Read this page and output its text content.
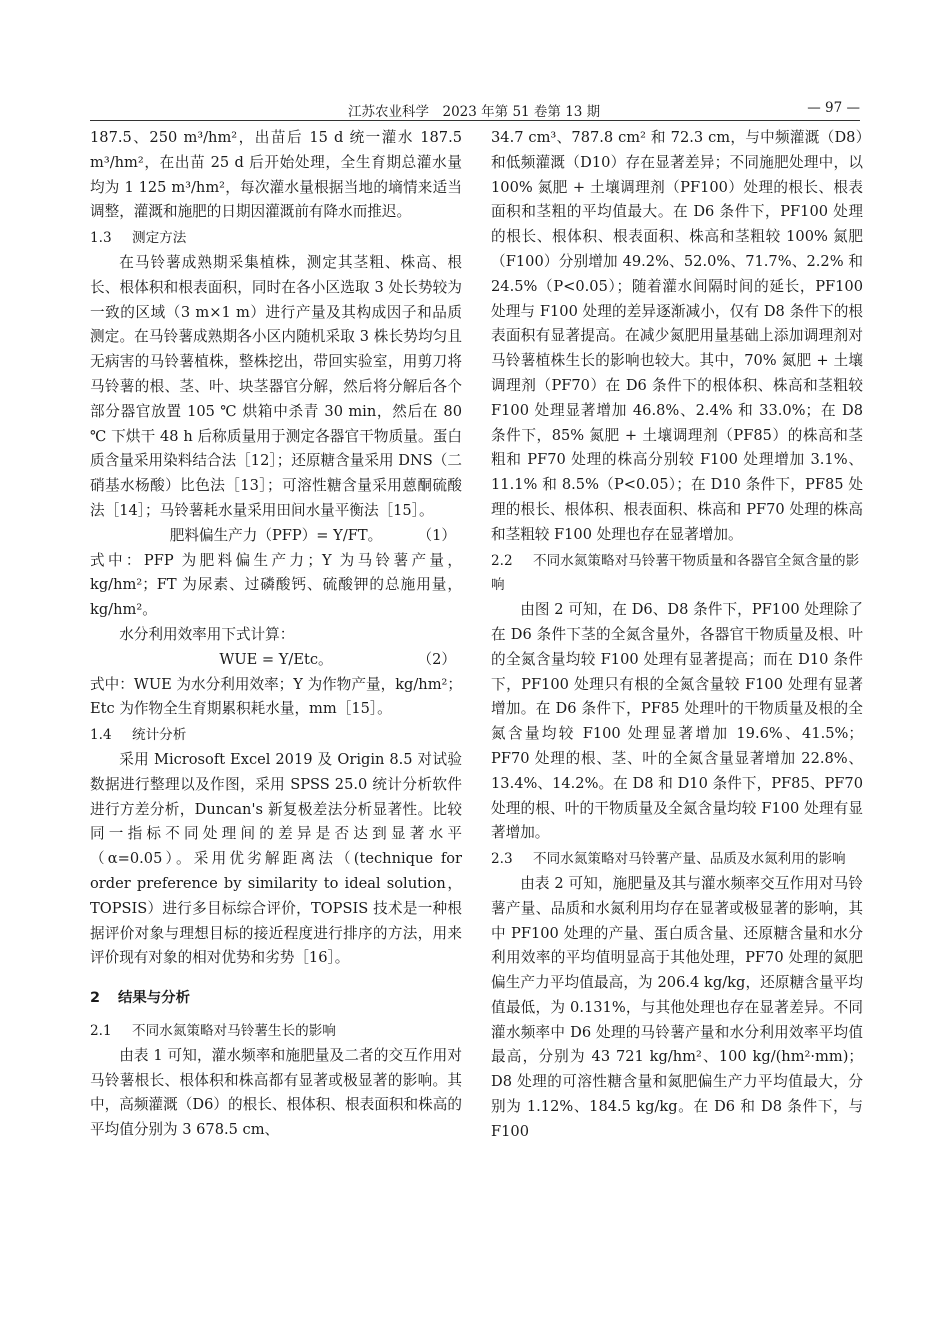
江苏农业科学　2023 年第 51 卷第 13 期	— 97 —

187.5、250 m³/hm²，出苗后 15 d 统一灌水 187.5 m³/hm²，在出苗 25 d 后开始处理，全生育期总灌水量均为 1 125 m³/hm²，每次灌水量根据当地的墒情来适当调整，灌溉和施肥的日期因灌溉前有降水而推迟。

1.3 测定方法

在马铃薯成熟期采集植株，测定其茎粗、株高、根长、根体积和根表面积，同时在各小区选取 3 处长势较为一致的区域（3 m×1 m）进行产量及其构成因子和品质测定。在马铃薯成熟期各小区内随机采取 3 株长势均匀且无病害的马铃薯植株，整株挖出，带回实验室，用剪刀将马铃薯的根、茎、叶、块茎器官分解，然后将分解后各个部分器官放置 105 ℃ 烘箱中杀青 30 min，然后在 80 ℃ 下烘干 48 h 后称质量用于测定各器官干物质量。蛋白质含量采用染料结合法［12］；还原糖含量采用 DNS（二硝基水杨酸）比色法［13］；可溶性糖含量采用蒽酮硫酸法［14］；马铃薯耗水量采用田间水量平衡法［15］。

肥料偏生产力（PFP）= Y/FT。 （1）

式中：PFP 为肥料偏生产力；Y 为马铃薯产量，kg/hm²；FT 为尿素、过磷酸钙、硫酸钾的总施用量，kg/hm²。

水分利用效率用下式计算：

WUE = Y/Etc。	（2）

式中：WUE 为水分利用效率；Y 为作物产量，kg/hm²；Etc 为作物全生育期累积耗水量，mm［15］。

1.4 统计分析

采用 Microsoft Excel 2019 及 Origin 8.5 对试验数据进行整理以及作图，采用 SPSS 25.0 统计分析软件进行方差分析，Duncan's 新复极差法分析显著性。比较同一指标不同处理间的差异是否达到显著水平（α=0.05）。采用优劣解距离法（(technique for order preference by similarity to ideal solution，TOPSIS）进行多目标综合评价，TOPSIS 技术是一种根据评价对象与理想目标的接近程度进行排序的方法，用来评价现有对象的相对优势和劣势［16］。

2 结果与分析
2.1 不同水氮策略对马铃薯生长的影响

由表 1 可知，灌水频率和施肥量及二者的交互作用对马铃薯根长、根体积和株高都有显著或极显著的影响。其中，高频灌溉（D6）的根长、根体积、根表面积和株高的平均值分别为 3 678.5 cm、

34.7 cm³、787.8 cm² 和 72.3 cm，与中频灌溉（D8）和低频灌溉（D10）存在显著差异；不同施肥处理中，以 100% 氮肥 + 土壤调理剂（PF100）处理的根长、根表面积和茎粗的平均值最大。在 D6 条件下，PF100 处理的根长、根体积、根表面积、株高和茎粗较 100% 氮肥（F100）分别增加 49.2%、52.0%、71.7%、2.2% 和 24.5%（P<0.05）；随着灌水间隔时间的延长，PF100 处理与 F100 处理的差异逐渐减小，仅有 D8 条件下的根表面积有显著提高。在减少氮肥用量基础上添加调理剂对马铃薯植株生长的影响也较大。其中，70% 氮肥 + 土壤调理剂（PF70）在 D6 条件下的根体积、株高和茎粗较 F100 处理显著增加 46.8%、2.4% 和 33.0%；在 D8 条件下，85% 氮肥 + 土壤调理剂（PF85）的株高和茎粗和 PF70 处理的株高分别较 F100 处理增加 3.1%、11.1% 和 8.5%（P<0.05）；在 D10 条件下，PF85 处理的根长、根体积、根表面积、株高和 PF70 处理的株高和茎粗较 F100 处理也存在显著增加。

2.2 不同水氮策略对马铃薯干物质量和各器官全氮含量的影响

由图 2 可知，在 D6、D8 条件下，PF100 处理除了在 D6 条件下茎的全氮含量外，各器官干物质量及根、叶的全氮含量均较 F100 处理有显著提高；而在 D10 条件下，PF100 处理只有根的全氮含量较 F100 处理有显著增加。在 D6 条件下，PF85 处理叶的干物质量及根的全氮含量均较 F100 处理显著增加 19.6%、41.5%；PF70 处理的根、茎、叶的全氮含量显著增加 22.8%、13.4%、14.2%。在 D8 和 D10 条件下，PF85、PF70 处理的根、叶的干物质量及全氮含量均较 F100 处理有显著增加。

2.3 不同水氮策略对马铃薯产量、品质及水氮利用的影响

由表 2 可知，施肥量及其与灌水频率交互作用对马铃薯产量、品质和水氮利用均存在显著或极显著的影响，其中 PF100 处理的产量、蛋白质含量、还原糖含量和水分利用效率的平均值明显高于其他处理，PF70 处理的氮肥偏生产力平均值最高，为 206.4 kg/kg，还原糖含量平均值最低，为 0.131%，与其他处理也存在显著差异。不同灌水频率中 D6 处理的马铃薯产量和水分利用效率平均值最高，分别为 43 721 kg/hm²、100 kg/(hm²·mm)；D8 处理的可溶性糖含量和氮肥偏生产力平均值最大，分别为 1.12%、184.5 kg/kg。在 D6 和 D8 条件下，与 F100
